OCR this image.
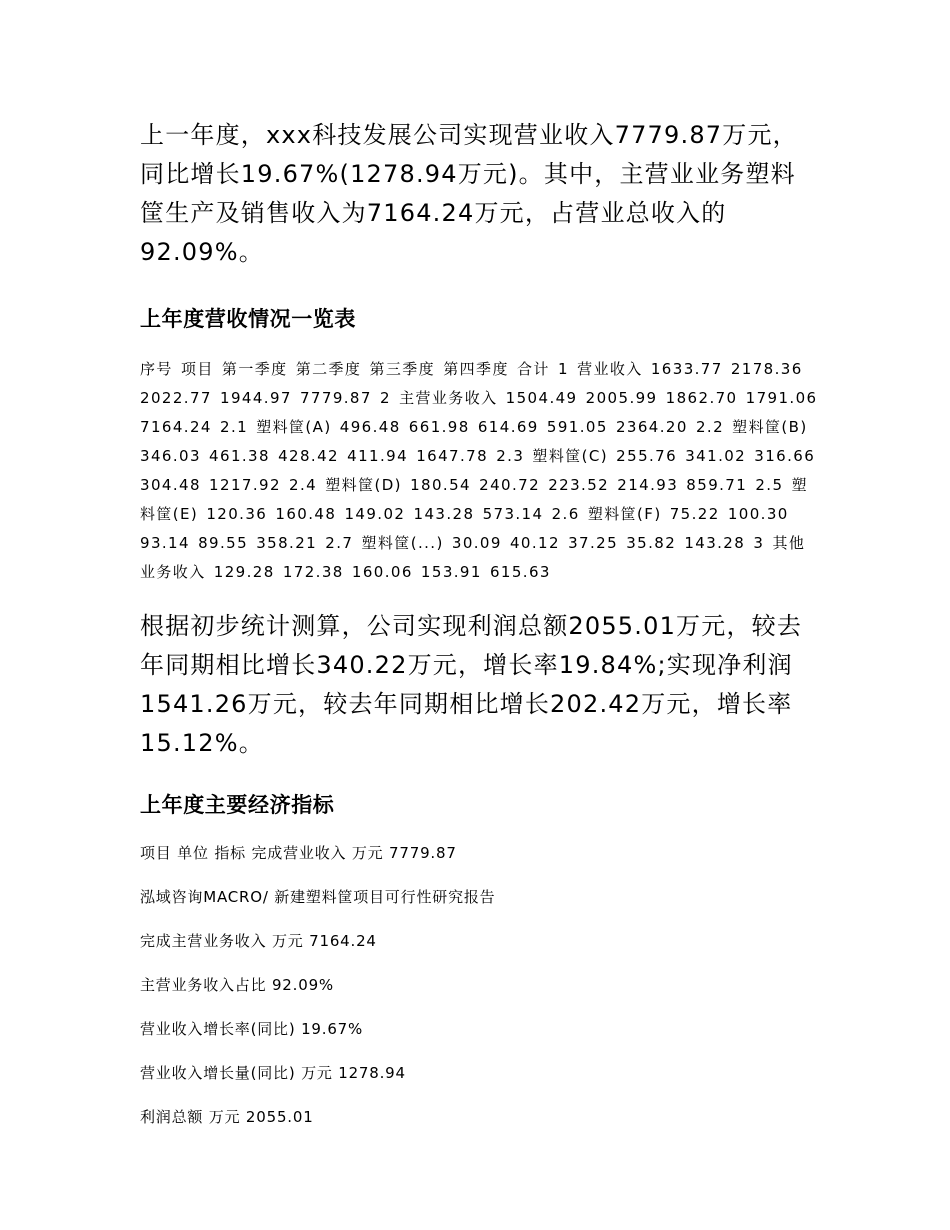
上一年度，xxx科技发展公司实现营业收入7779.87万元，同比增长19.67%(1278.94万元)。其中，主营业业务塑料筐生产及销售收入为7164.24万元，占营业总收入的92.09%。

上年度营收情况一览表

序号 项目 第一季度 第二季度 第三季度 第四季度 合计 1 营业收入 1633.77 2178.36 2022.77 1944.97 7779.87 2 主营业务收入 1504.49 2005.99 1862.70 1791.06 7164.24 2.1 塑料筐(A) 496.48 661.98 614.69 591.05 2364.20 2.2 塑料筐(B) 346.03 461.38 428.42 411.94 1647.78 2.3 塑料筐(C) 255.76 341.02 316.66 304.48 1217.92 2.4 塑料筐(D) 180.54 240.72 223.52 214.93 859.71 2.5 塑料筐(E) 120.36 160.48 149.02 143.28 573.14 2.6 塑料筐(F) 75.22 100.30 93.14 89.55 358.21 2.7 塑料筐(...) 30.09 40.12 37.25 35.82 143.28 3 其他业务收入 129.28 172.38 160.06 153.91 615.63

根据初步统计测算，公司实现利润总额2055.01万元，较去年同期相比增长340.22万元，增长率19.84%;实现净利润1541.26万元，较去年同期相比增长202.42万元，增长率15.12%。

上年度主要经济指标

项目 单位 指标 完成营业收入 万元 7779.87

泓域咨询MACRO/ 新建塑料筐项目可行性研究报告

完成主营业务收入 万元 7164.24

主营业务收入占比 92.09%

营业收入增长率(同比) 19.67%

营业收入增长量(同比) 万元 1278.94

利润总额 万元 2055.01
